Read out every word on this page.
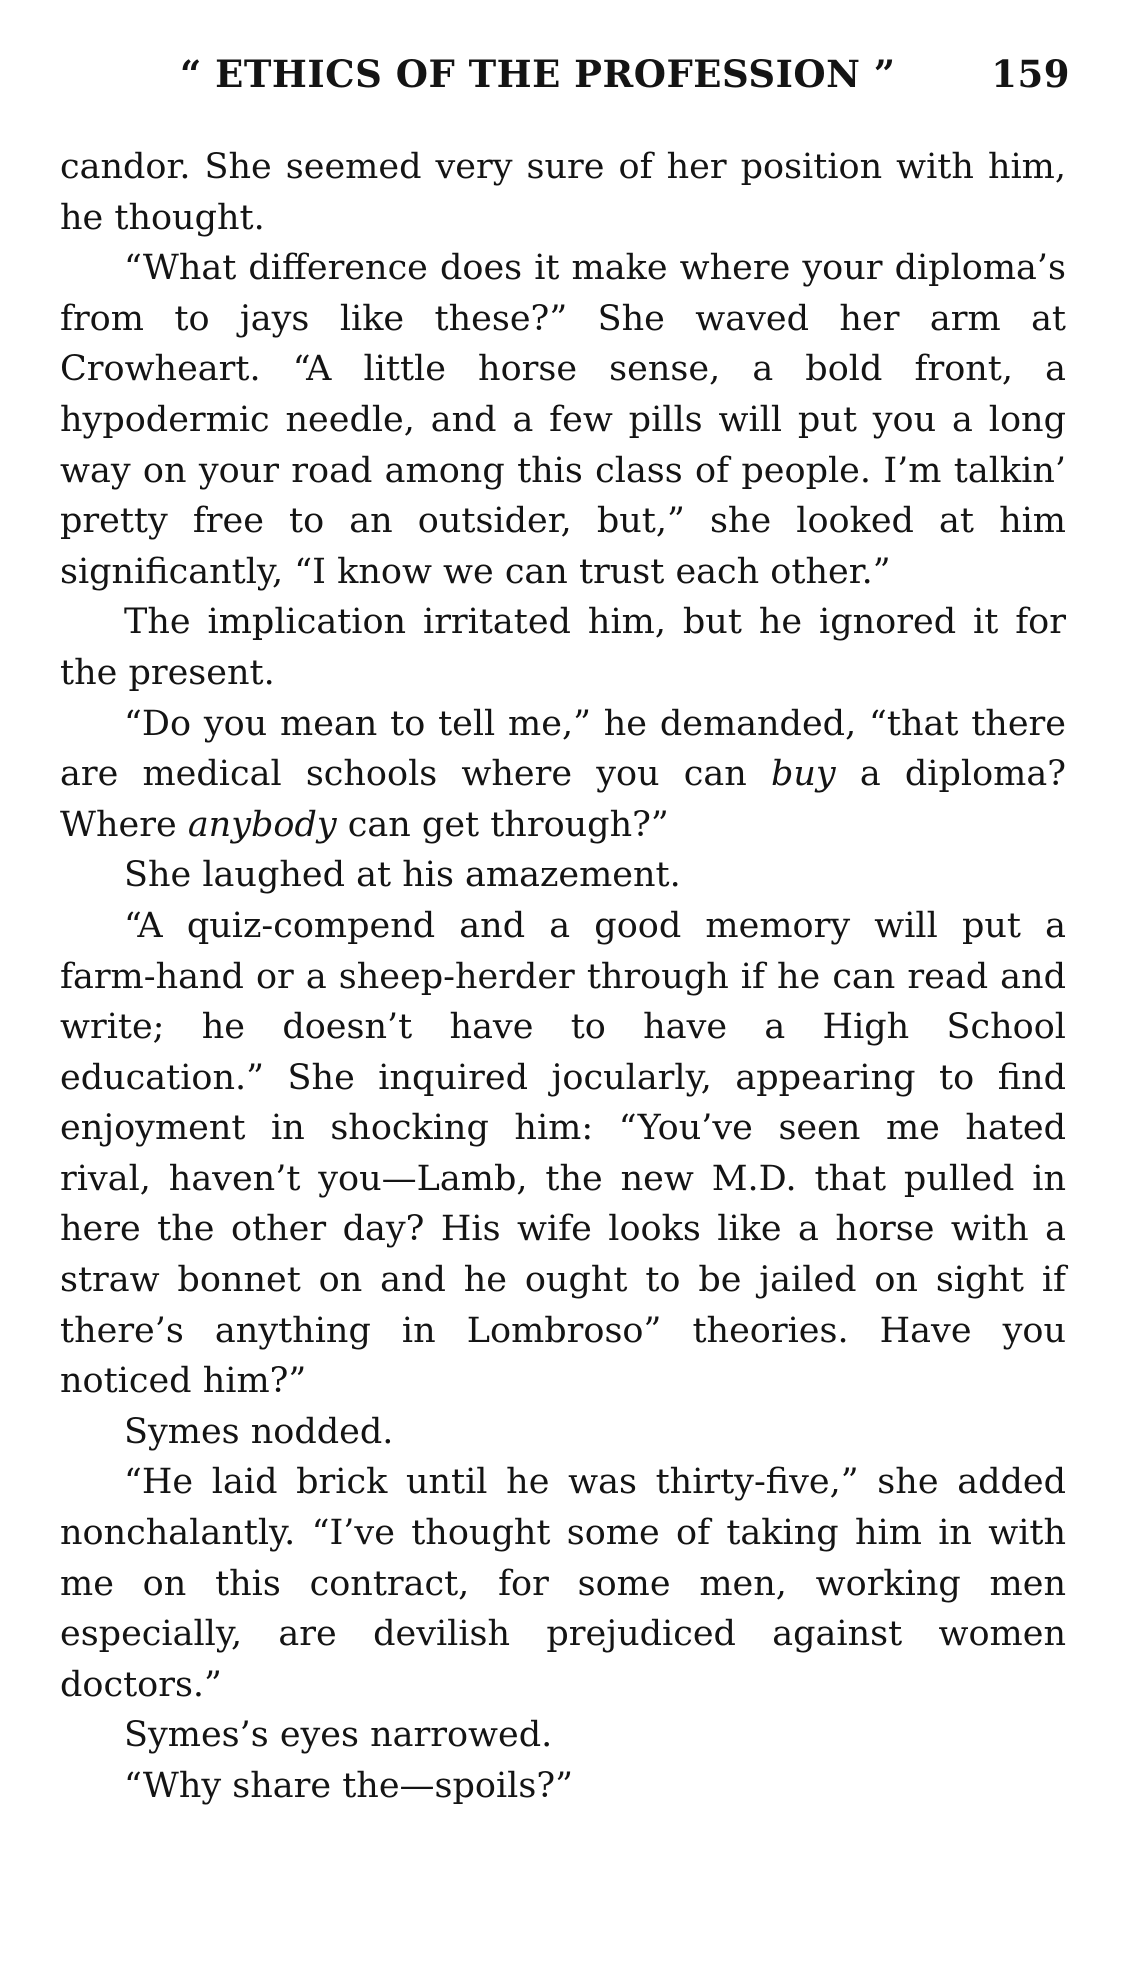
“ ETHICS OF THE PROFESSION ”	159

candor. She seemed very sure of her position with him, he thought.

“What difference does it make where your diploma’s from to jays like these?” She waved her arm at Crowheart. “A little horse sense, a bold front, a hypodermic needle, and a few pills will put you a long way on your road among this class of people. I’m talkin’ pretty free to an outsider, but,” she looked at him significantly, “I know we can trust each other.”

The implication irritated him, but he ignored it for the present.

“Do you mean to tell me,” he demanded, “that there are medical schools where you can buy a diploma? Where anybody can get through?”

She laughed at his amazement.

“A quiz-compend and a good memory will put a farm-hand or a sheep-herder through if he can read and write; he doesn’t have to have a High School education.” She inquired jocularly, appearing to find enjoyment in shocking him: “You’ve seen me hated rival, haven’t you—Lamb, the new M.D. that pulled in here the other day? His wife looks like a horse with a straw bonnet on and he ought to be jailed on sight if there’s anything in Lombroso” theories. Have you noticed him?”

Symes nodded.

“He laid brick until he was thirty-five,” she added nonchalantly. “I’ve thought some of taking him in with me on this contract, for some men, working men especially, are devilish prejudiced against women doctors.”

Symes’s eyes narrowed.

“Why share the—spoils?”
